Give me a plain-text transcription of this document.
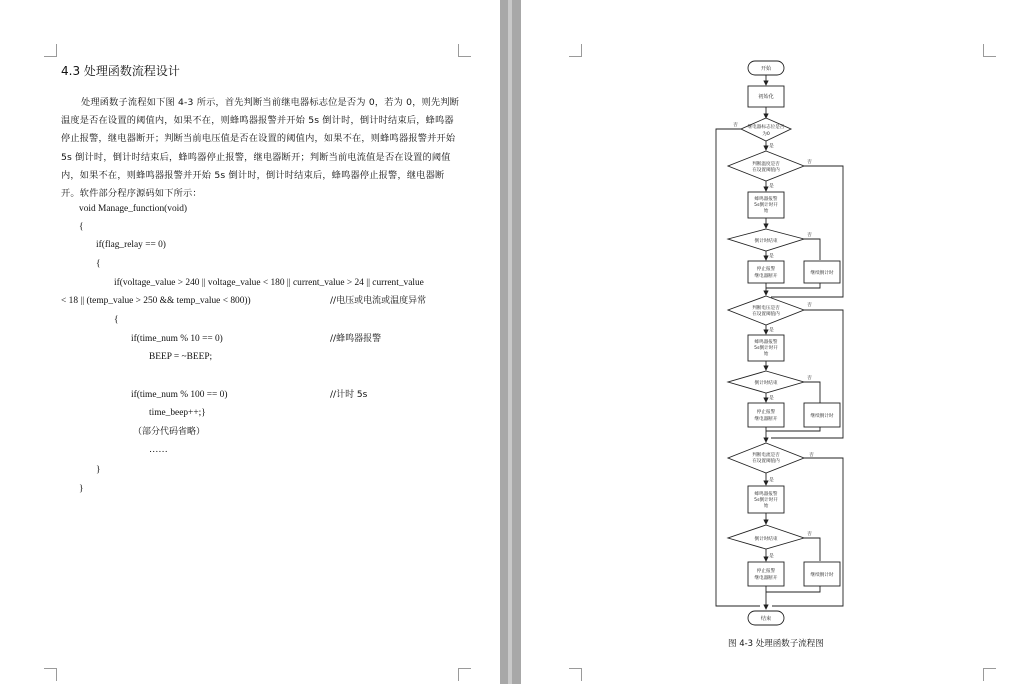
4.3 处理函数流程设计
处理函数子流程如下图 4-3 所示，首先判断当前继电器标志位是否为 0，若为 0，则先判断温度是否在设置的阈值内，如果不在，则蜂鸣器报警并开始 5s 倒计时，倒计时结束后，蜂鸣器停止报警，继电器断开；判断当前电压值是否在设置的阈值内，如果不在，则蜂鸣器报警并开始 5s 倒计时，倒计时结束后，蜂鸣器停止报警，继电器断开；判断当前电流值是否在设置的阈值内，如果不在，则蜂鸣器报警并开始 5s 倒计时，倒计时结束后，蜂鸣器停止报警，继电器断开。软件部分程序源码如下所示：
void Manage_function(void)
{
if(flag_relay == 0)
{
if(voltage_value > 240 || voltage_value < 180 || current_value > 24 || current_value
< 18 || (temp_value > 250 && temp_value < 800))	//电压或电流或温度异常
{
if(time_num % 10 == 0)	//蜂鸣器报警
BEEP = ~BEEP;
if(time_num % 100 == 0)	//计时 5s
time_beep++;}
（部分代码省略）
……
}
}
开始
初始化
继电器标志位是否
为0
判断温度是否
在设置阈值内
蜂鸣器报警
5s倒计时开
始
倒计时结束
停止报警
继电器断开
继续倒计时
判断电压是否
在设置阈值内
蜂鸣器报警
5s倒计时开
始
倒计时结束
停止报警
继电器断开
继续倒计时
判断电流是否
在设置阈值内
蜂鸣器报警
5s倒计时开
始
倒计时结束
停止报警
继电器断开
继续倒计时
结束
否
是
否
是
否
是
否
是
否
是
否
是
否
是
图 4-3 处理函数子流程图
